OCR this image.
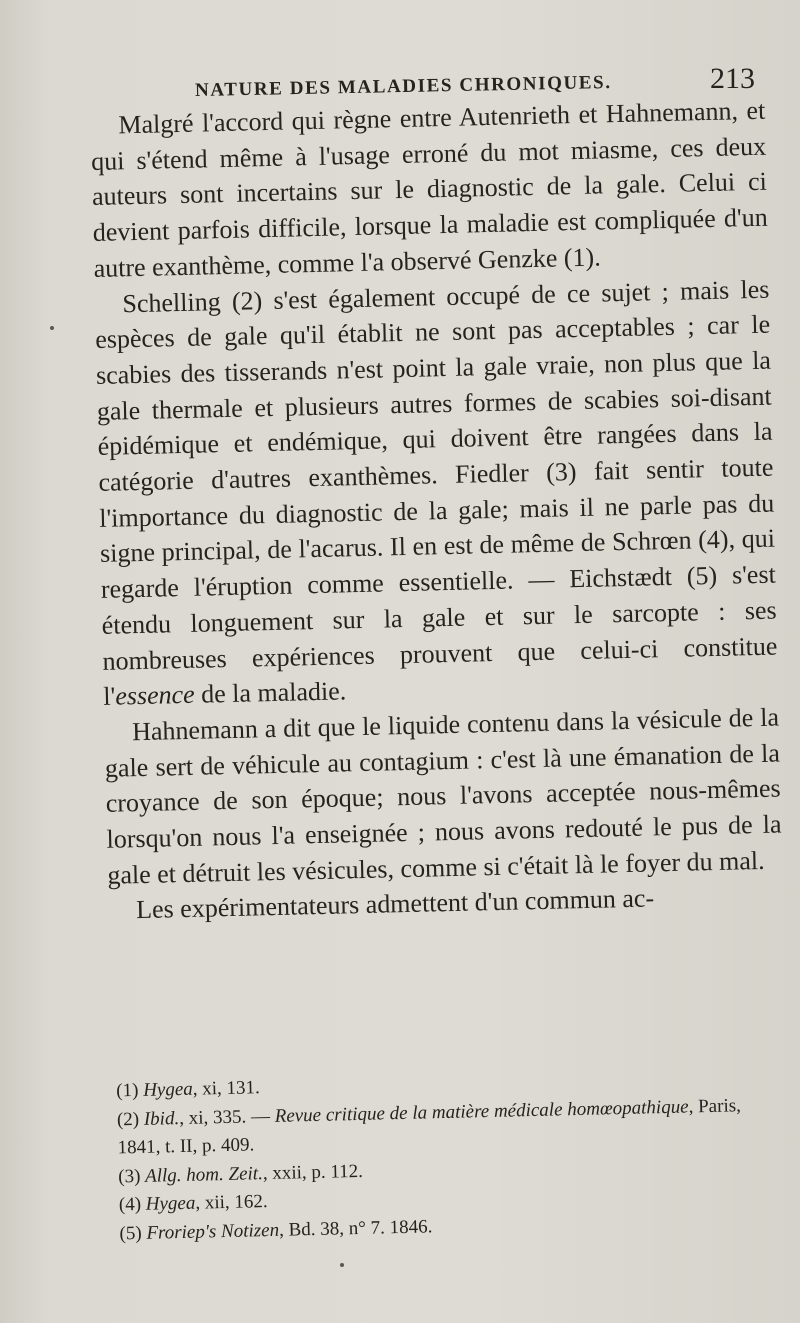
NATURE DES MALADIES CHRONIQUES.	213

Malgré l'accord qui règne entre Autenrieth et Hahnemann, et qui s'étend même à l'usage erroné du mot miasme, ces deux auteurs sont incertains sur le diagnostic de la gale. Celui ci devient parfois difficile, lorsque la maladie est compliquée d'un autre exanthème, comme l'a observé Genzke (1).

Schelling (2) s'est également occupé de ce sujet ; mais les espèces de gale qu'il établit ne sont pas acceptables ; car le scabies des tisserands n'est point la gale vraie, non plus que la gale thermale et plusieurs autres formes de scabies soi-disant épidémique et endémique, qui doivent être rangées dans la catégorie d'autres exanthèmes. Fiedler (3) fait sentir toute l'importance du diagnostic de la gale; mais il ne parle pas du signe principal, de l'acarus. Il en est de même de Schrœn (4), qui regarde l'éruption comme essentielle. — Eichstædt (5) s'est étendu longuement sur la gale et sur le sarcopte : ses nombreuses expériences prouvent que celui-ci constitue l'essence de la maladie.

Hahnemann a dit que le liquide contenu dans la vésicule de la gale sert de véhicule au contagium : c'est là une émanation de la croyance de son époque; nous l'avons acceptée nous-mêmes lorsqu'on nous l'a enseignée ; nous avons redouté le pus de la gale et détruit les vésicules, comme si c'était là le foyer du mal.

Les expérimentateurs admettent d'un commun ac-

(1) Hygea, xi, 131.

(2) Ibid., xi, 335. — Revue critique de la matière médicale homœopathique, Paris, 1841, t. II, p. 409.

(3) Allg. hom. Zeit., xxii, p. 112.

(4) Hygea, xii, 162.

(5) Froriep's Notizen, Bd. 38, n° 7. 1846.
